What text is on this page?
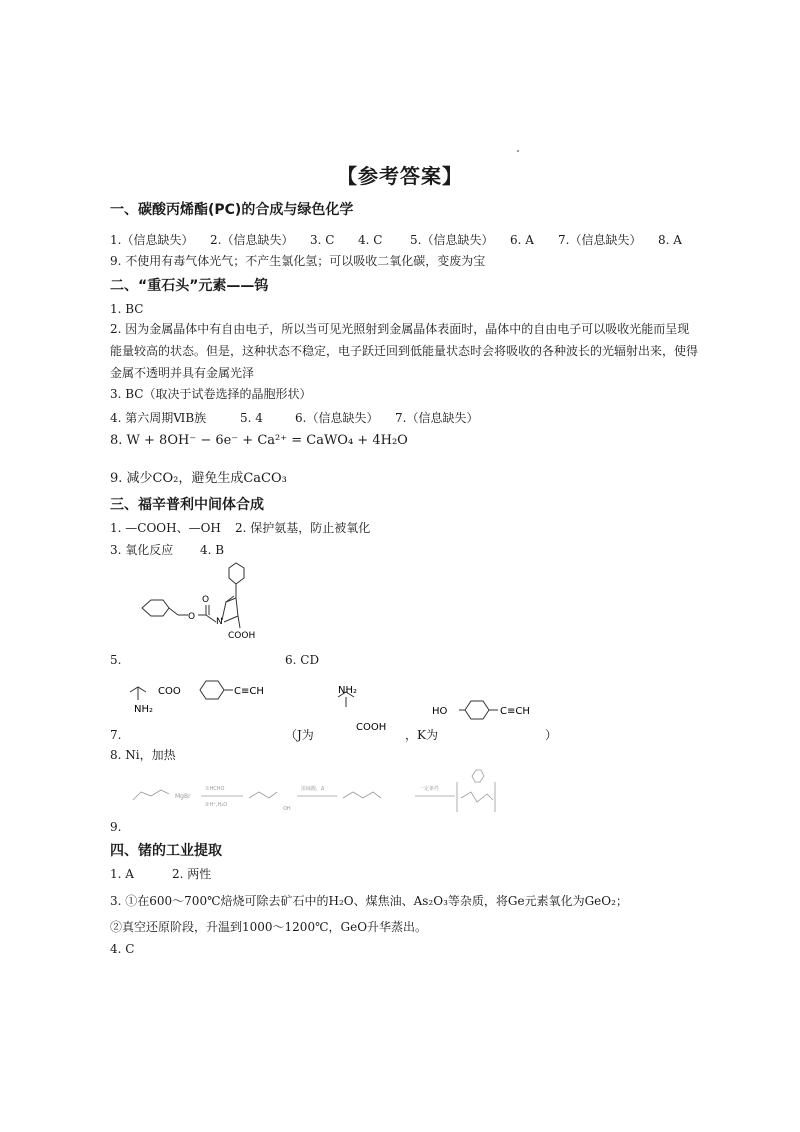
【参考答案】
一、碳酸丙烯酯(PC)的合成与绿色化学
1.（信息缺失） 2.（信息缺失） 3. C 4. C 5.（信息缺失） 6. A 7.（信息缺失） 8. A
9. 不使用有毒气体光气；不产生氯化氢；可以吸收二氧化碳，变废为宝
二、“重石头”元素——钨
1. BC
2. 因为金属晶体中有自由电子，所以当可见光照射到金属晶体表面时，晶体中的自由电子可以吸收光能而呈现能量较高的状态。但是，这种状态不稳定，电子跃迁回到低能量状态时会将吸收的各种波长的光辐射出来，使得金属不透明并具有金属光泽
3. BC（取决于试卷选择的晶胞形状）
4. 第六周期ⅥB族	5. 4	6.（信息缺失） 7.（信息缺失）
8. W + 8OH⁻ − 6e⁻ + Ca²⁺ = CaWO₄ + 4H₂O
9. 减少CO₂，避免生成CaCO₃
三、福辛普利中间体合成
1. —COOH、—OH 2. 保护氨基，防止被氧化
3. 氧化反应 4. B
O
O
N
COOH
5.	6. CD
COO	C≡CH
NH₂
NH₂
COOH
HO	C≡CH
7.	（J为	，K为	）
8. Ni，加热
MgBr
①HCHO
②H⁺,H₂O
OH
浓硫酸，Δ	一定条件
9.
四、锗的工业提取
1. A	2. 两性
3. ①在600～700℃焙烧可除去矿石中的H₂O、煤焦油、As₂O₃等杂质，将Ge元素氧化为GeO₂；
②真空还原阶段，升温到1000～1200℃，GeO升华蒸出。
4. C
